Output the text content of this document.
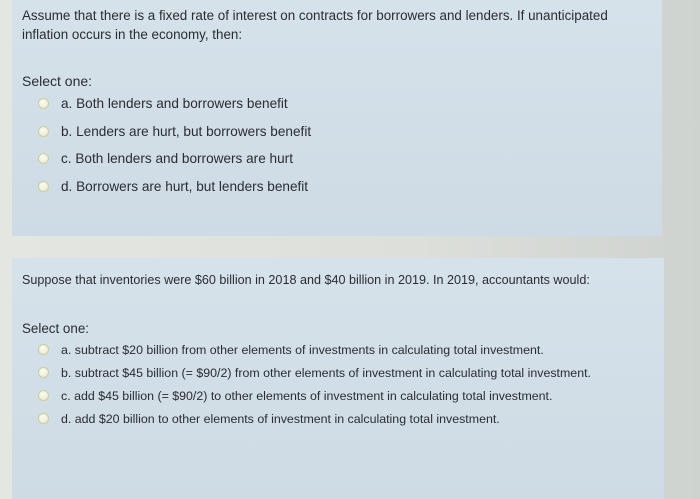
Assume that there is a fixed rate of interest on contracts for borrowers and lenders. If unanticipated inflation occurs in the economy, then:

Select one:

a. Both lenders and borrowers benefit
b. Lenders are hurt, but borrowers benefit
c. Both lenders and borrowers are hurt
d. Borrowers are hurt, but lenders benefit

Suppose that inventories were $60 billion in 2018 and $40 billion in 2019. In 2019, accountants would:

Select one:

a. subtract $20 billion from other elements of investments in calculating total investment.
b. subtract $45 billion (= $90/2) from other elements of investment in calculating total investment.
c. add $45 billion (= $90/2) to other elements of investment in calculating total investment.
d. add $20 billion to other elements of investment in calculating total investment.
